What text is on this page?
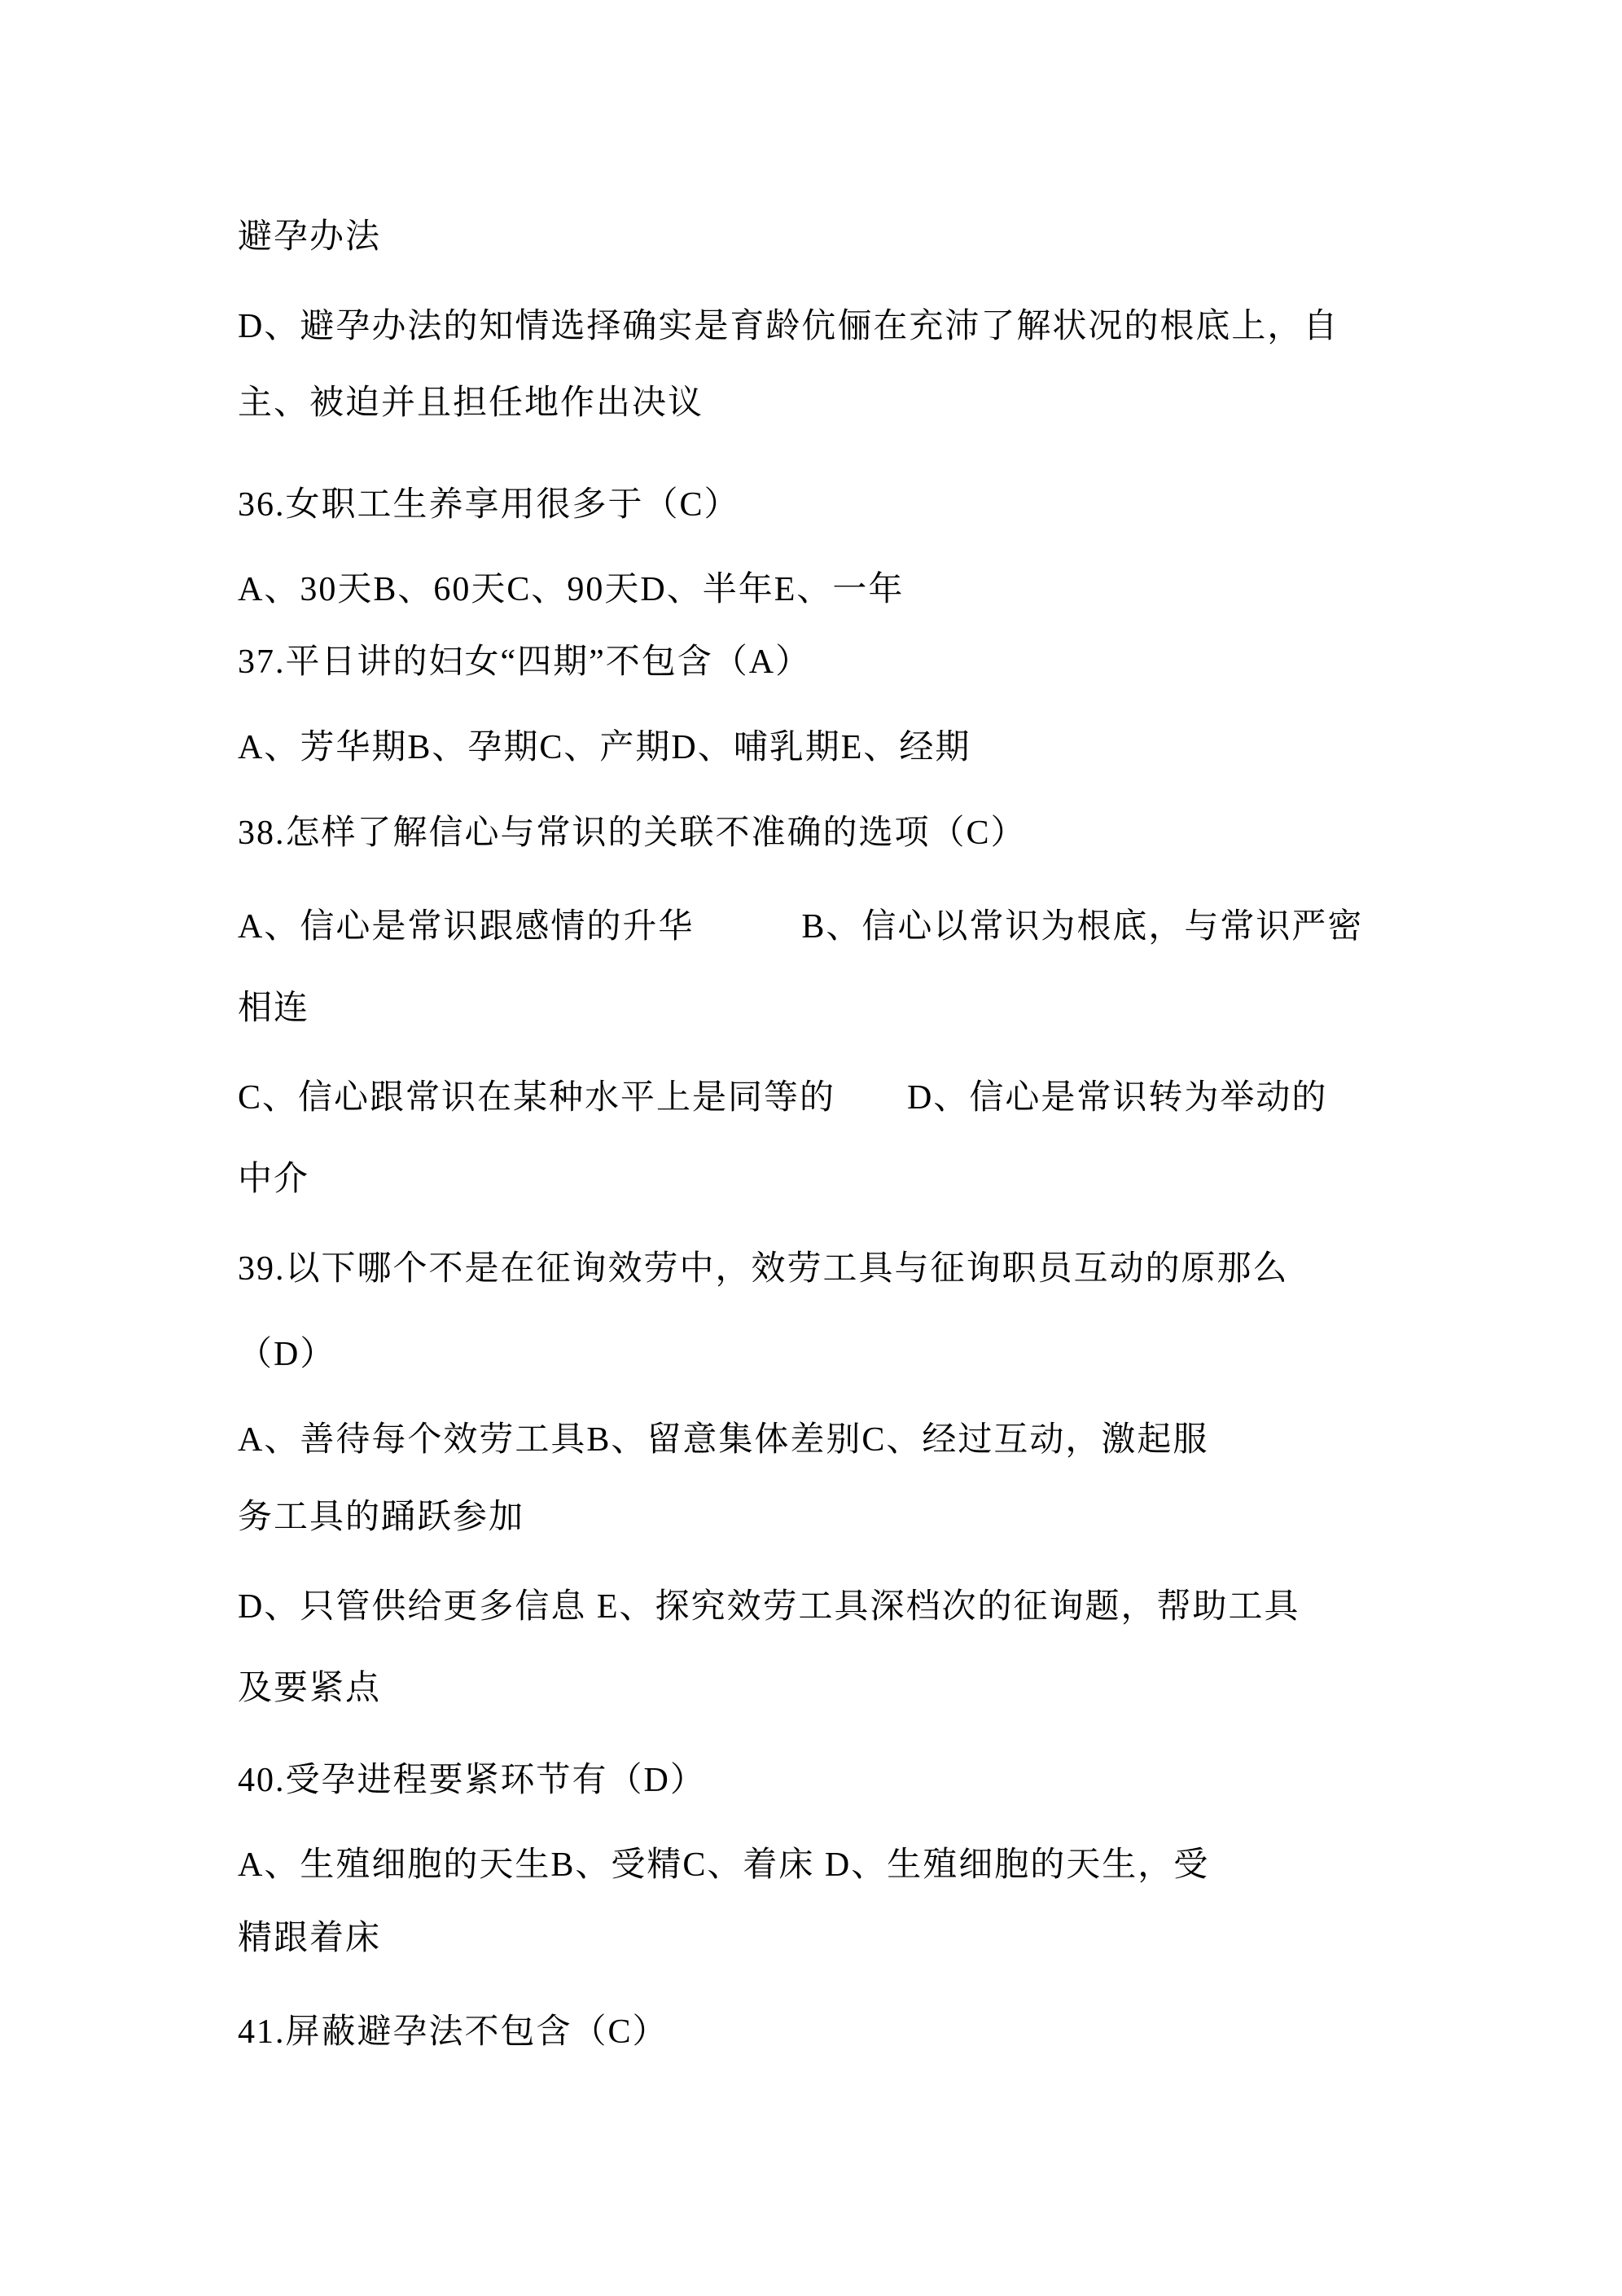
避孕办法
D、避孕办法的知情选择确实是育龄伉俪在充沛了解状况的根底上，自
主、被迫并且担任地作出决议
36.女职工生养享用很多于（C）
A、30天B、60天C、90天D、半年E、一年
37.平日讲的妇女“四期”不包含（A）
A、芳华期B、孕期C、产期D、哺乳期E、经期
38.怎样了解信心与常识的关联不准确的选项（C）
A、信心是常识跟感情的升华　　　B、信心以常识为根底，与常识严密
相连
C、信心跟常识在某种水平上是同等的　　D、信心是常识转为举动的
中介
39.以下哪个不是在征询效劳中，效劳工具与征询职员互动的原那么
（D）
A、善待每个效劳工具B、留意集体差别C、经过互动，激起服
务工具的踊跃参加
D、只管供给更多信息 E、探究效劳工具深档次的征询题，帮助工具
及要紧点
40.受孕进程要紧环节有（D）
A、生殖细胞的天生B、受精C、着床 D、生殖细胞的天生，受
精跟着床
41.屏蔽避孕法不包含（C）
